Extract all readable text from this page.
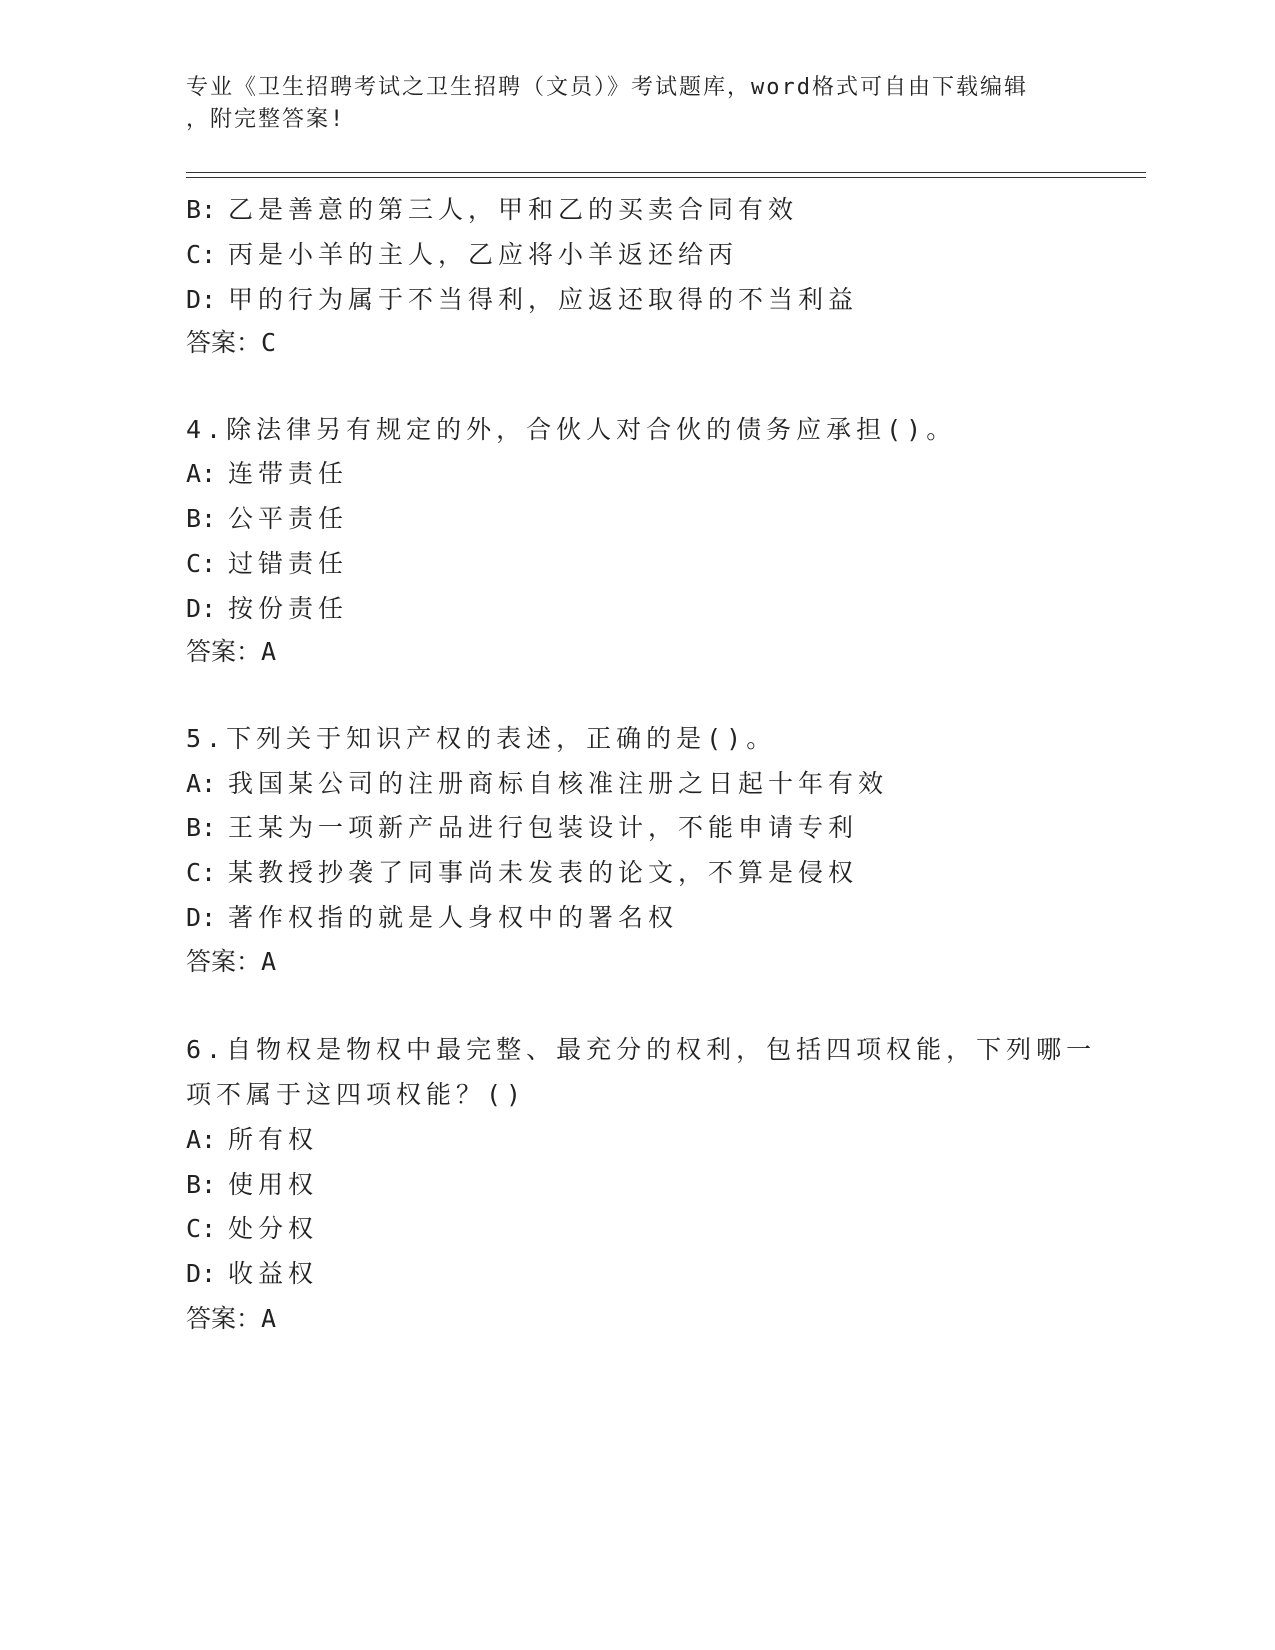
专业《卫生招聘考试之卫生招聘（文员）》考试题库，word格式可自由下载编辑
，附完整答案!
B: 乙是善意的第三人，甲和乙的买卖合同有效
C: 丙是小羊的主人，乙应将小羊返还给丙
D: 甲的行为属于不当得利，应返还取得的不当利益
答案：C
4.除法律另有规定的外，合伙人对合伙的债务应承担()。
A: 连带责任
B: 公平责任
C: 过错责任
D: 按份责任
答案：A
5.下列关于知识产权的表述，正确的是()。
A: 我国某公司的注册商标自核准注册之日起十年有效
B: 王某为一项新产品进行包装设计，不能申请专利
C: 某教授抄袭了同事尚未发表的论文，不算是侵权
D: 著作权指的就是人身权中的署名权
答案：A
6.自物权是物权中最完整、最充分的权利，包括四项权能，下列哪一
项不属于这四项权能？()
A: 所有权
B: 使用权
C: 处分权
D: 收益权
答案：A
